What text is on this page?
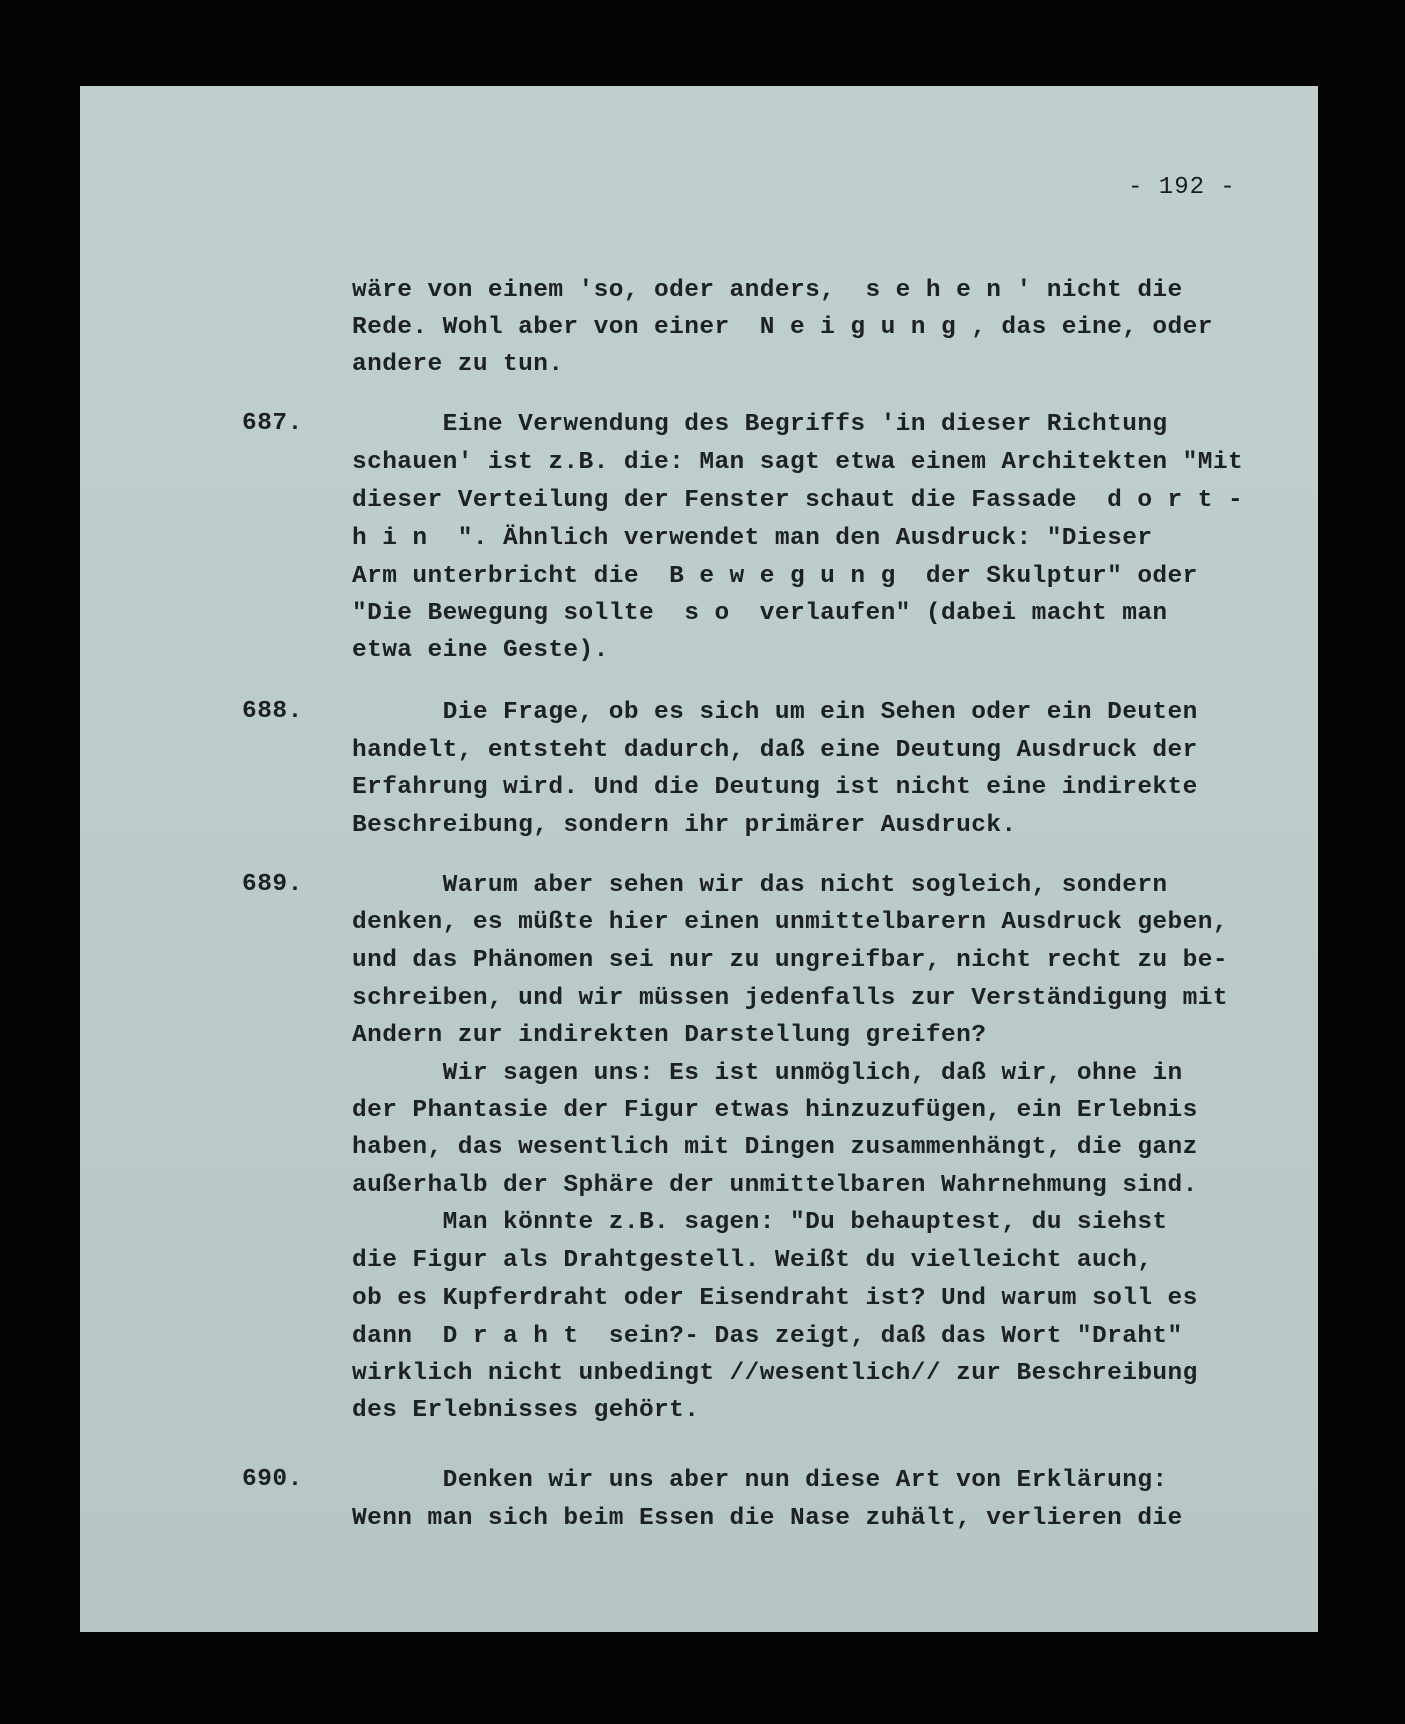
- 192 -
wäre von einem 'so, oder anders,  s e h e n ' nicht die
Rede. Wohl aber von einer  N e i g u n g , das eine, oder
andere zu tun.
687. Eine Verwendung des Begriffs 'in dieser Richtung
schauen' ist z.B. die: Man sagt etwa einem Architekten "Mit
dieser Verteilung der Fenster schaut die Fassade  d o r t -
h i n  ". Ähnlich verwendet man den Ausdruck: "Dieser
Arm unterbricht die  B e w e g u n g  der Skulptur" oder
"Die Bewegung sollte  s o  verlaufen" (dabei macht man
etwa eine Geste).
688. Die Frage, ob es sich um ein Sehen oder ein Deuten
handelt, entsteht dadurch, daß eine Deutung Ausdruck der
Erfahrung wird. Und die Deutung ist nicht eine indirekte
Beschreibung, sondern ihr primärer Ausdruck.
689. Warum aber sehen wir das nicht sogleich, sondern
denken, es müßte hier einen unmittelbarern Ausdruck geben,
und das Phänomen sei nur zu ungreifbar, nicht recht zu be-
schreiben, und wir müssen jedenfalls zur Verständigung mit
Andern zur indirekten Darstellung greifen?
Wir sagen uns: Es ist unmöglich, daß wir, ohne in
der Phantasie der Figur etwas hinzuzufügen, ein Erlebnis
haben, das wesentlich mit Dingen zusammenhängt, die ganz
außerhalb der Sphäre der unmittelbaren Wahrnehmung sind.
Man könnte z.B. sagen: "Du behauptest, du siehst
die Figur als Drahtgestell. Weißt du vielleicht auch,
ob es Kupferdraht oder Eisendraht ist? Und warum soll es
dann  D r a h t  sein?- Das zeigt, daß das Wort "Draht"
wirklich nicht unbedingt //wesentlich// zur Beschreibung
des Erlebnisses gehört.
690. Denken wir uns aber nun diese Art von Erklärung:
Wenn man sich beim Essen die Nase zuhält, verlieren die
